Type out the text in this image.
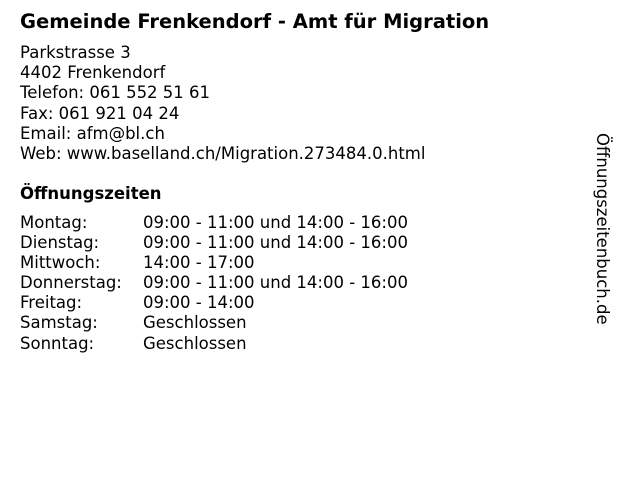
Gemeinde Frenkendorf - Amt für Migration
Parkstrasse 3
4402 Frenkendorf
Telefon: 061 552 51 61
Fax: 061 921 04 24
Email: afm@bl.ch
Web: www.baselland.ch/Migration.273484.0.html
Öffnungszeiten
Montag:	09:00 - 11:00 und 14:00 - 16:00
Dienstag:	09:00 - 11:00 und 14:00 - 16:00
Mittwoch:	14:00 - 17:00
Donnerstag: 09:00 - 11:00 und 14:00 - 16:00
Freitag:	09:00 - 14:00
Samstag:	Geschlossen
Sonntag:	Geschlossen
Öffnungszeitenbuch.de
